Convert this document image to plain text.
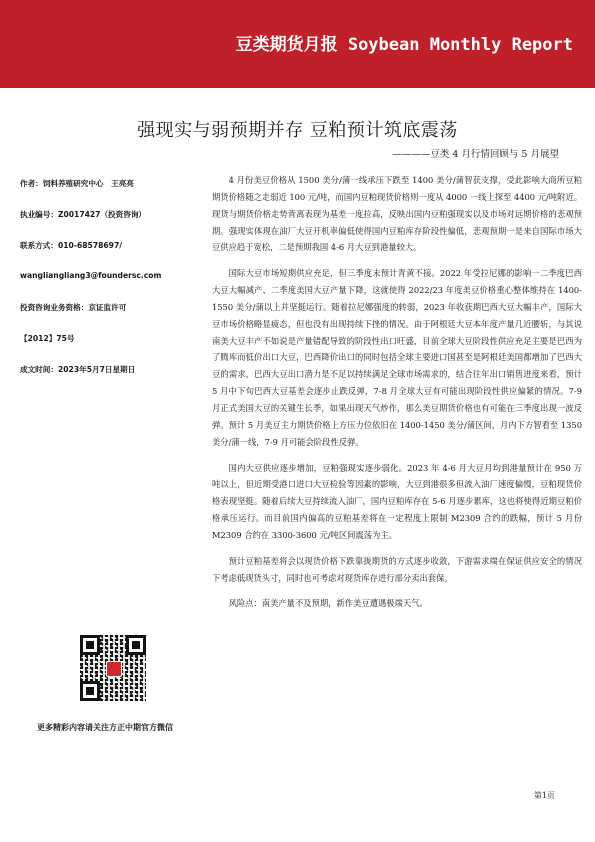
豆类期货月报 Soybean Monthly Report
强现实与弱预期并存 豆粕预计筑底震荡
————豆类 4 月行情回顾与 5 月展望
作者：饲料养殖研究中心　王亮亮
执业编号：Z0017427（投资咨询）
联系方式：010-68578697/
wangliangliang3@foundersc.com
投资咨询业务资格：京证监许可
【2012】75号
成文时间：2023年5月7日星期日
更多精彩内容请关注方正中期官方微信

4 月份美豆价格从 1500 美分/蒲一线承压下跌至 1400 美分/蒲智获支撑，受此影响大商所豆粕期货价格随之走弱近 100 元/吨，而国内豆粕现货价格则一度从 4000 一线上探至 4400 元/吨附近。现货与期货价格走势背离表现为基差一度拉高，反映出国内豆粕强现实以及市场对远期价格的悲观预期。强现实体现在油厂大豆开机率偏低使得国内豆粕库存阶段性偏低，悲观预期一是来自国际市场大豆供应趋于宽松，二是预期我国 4-6 月大豆到港量较大。

国际大豆市场短期供应充足，但三季度末预计青黄不接。2022 年受拉尼娜的影响一二季度巴西大豆大幅减产、二季度美国大豆产量下降，这就使得 2022/23 年度美豆价格重心整体维持在 1400-1550 美分/蒲以上并坚挺运行。随着拉尼娜强度的转弱，2023 年收获期巴西大豆大幅丰产，国际大豆市场价格略显疲态，但也没有出现持续下挫的情况。由于阿根廷大豆本年度产量几近腰斩，与其说南美大豆丰产不如说是产量错配导致的阶段性出口旺盛，目前全球大豆阶段性供应充足主要是巴西为了腾库而低价出口大豆，巴西降价出口的同时包括全球主要进口国甚至是阿根廷美国都增加了巴西大豆的需求，巴西大豆出口潜力是不足以持续满足全球市场需求的，结合往年出口销售进度来看，预计 5 月中下旬巴西大豆基差会逐步止跌反弹，7-8 月全球大豆有可能出现阶段性供应偏紧的情况。7-9 月正式美国大豆的关键生长季，如果出现天气炒作，那么美豆期货价格也有可能在三季度出现一波反弹。预计 5 月美豆主力期货价格上方压力位依旧在 1400-1450 美分/蒲区间，月内下方智看至 1350 美分/蒲一线，7-9 月可能会阶段性反弹。

国内大豆供应逐步增加，豆粕强现实逐步弱化。2023 年 4-6 月大豆月均到港量预计在 950 万吨以上，但近期受港口进口大豆检验等因素的影响，大豆到港很多但流入油厂速度偏慢，豆粕现货价格表现坚挺。随着后续大豆持续流入油厂，国内豆粕库存在 5-6 月逐步累库，这也将使得近期豆粕价格承压运行。而目前国内偏高的豆粕基差将在一定程度上限制 M2309 合约的跌幅，预计 5 月份 M2309 合约在 3300-3600 元/吨区间震荡为主。

预计豆粕基差将会以现货价格下跌靠拢期货的方式逐步收敛，下游需求端在保证供应安全的情况下考虑低现货头寸，同时也可考虑对现货库存进行部分卖出套保。

风险点：南美产量不及预期，新作美豆遭遇极端天气。

第1页
